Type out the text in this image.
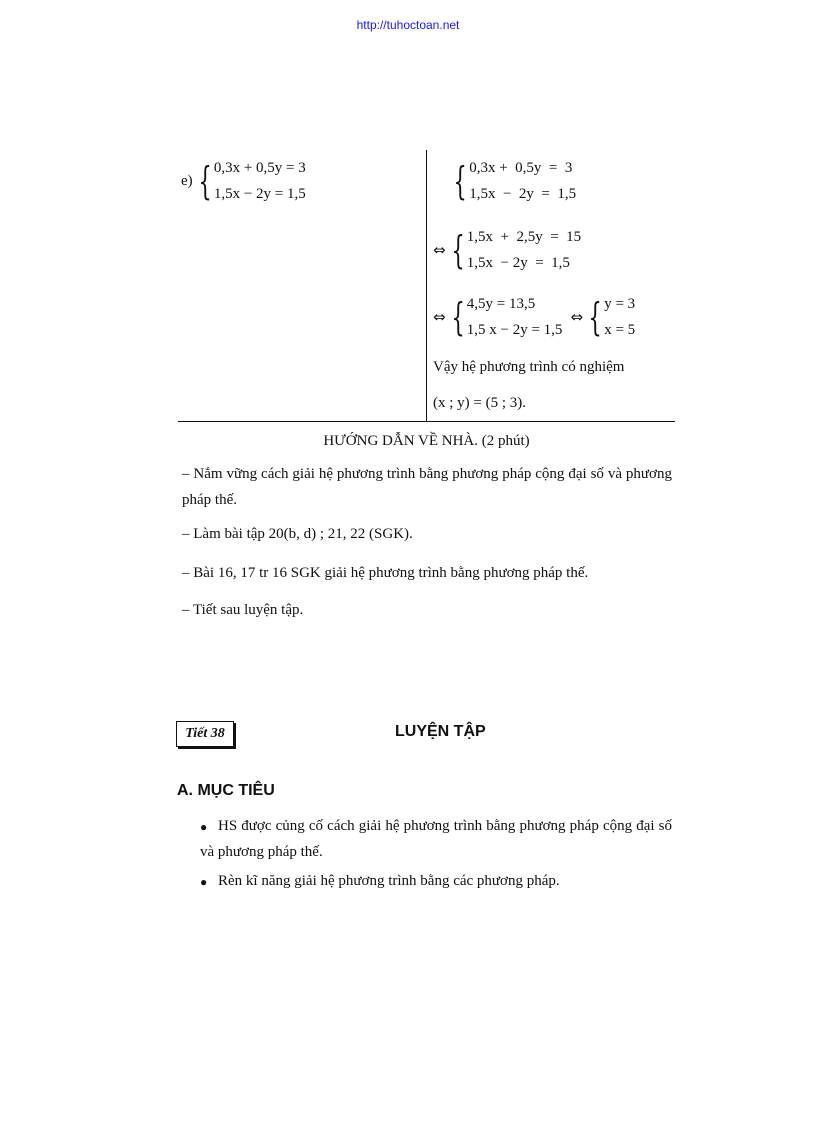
http://tuhoctoan.net
e) { 0,3x + 0,5y = 3
1,5x − 2y = 1,5	{ 0,3x +  0,5y  =  3
1,5x  −  2y  =  1,5
⇔ { 1,5x  +  2,5y  =  15
1,5x  − 2y  =  1,5
⇔ { 4,5y = 13,5
1,5 x − 2y = 1,5
⇔ { y = 3
x = 5
Vậy hệ phương trình có nghiệm
(x ; y) = (5 ; 3).
HƯỚNG DẪN VỀ NHÀ. (2 phút)
– Nắm vững cách giải hệ phương trình bằng phương pháp cộng đại số và phương pháp thế.
– Làm bài tập 20(b, d) ; 21, 22 (SGK).
– Bài 16, 17 tr 16 SGK giải hệ phương trình bằng phương pháp thế.
– Tiết sau luyện tập.
Tiết 38	LUYỆN TẬP
A. MỤC TIÊU
● HS được củng cố cách giải hệ phương trình bằng phương pháp cộng đại số và phương pháp thế.
● Rèn kĩ năng giải hệ phương trình bằng các phương pháp.
